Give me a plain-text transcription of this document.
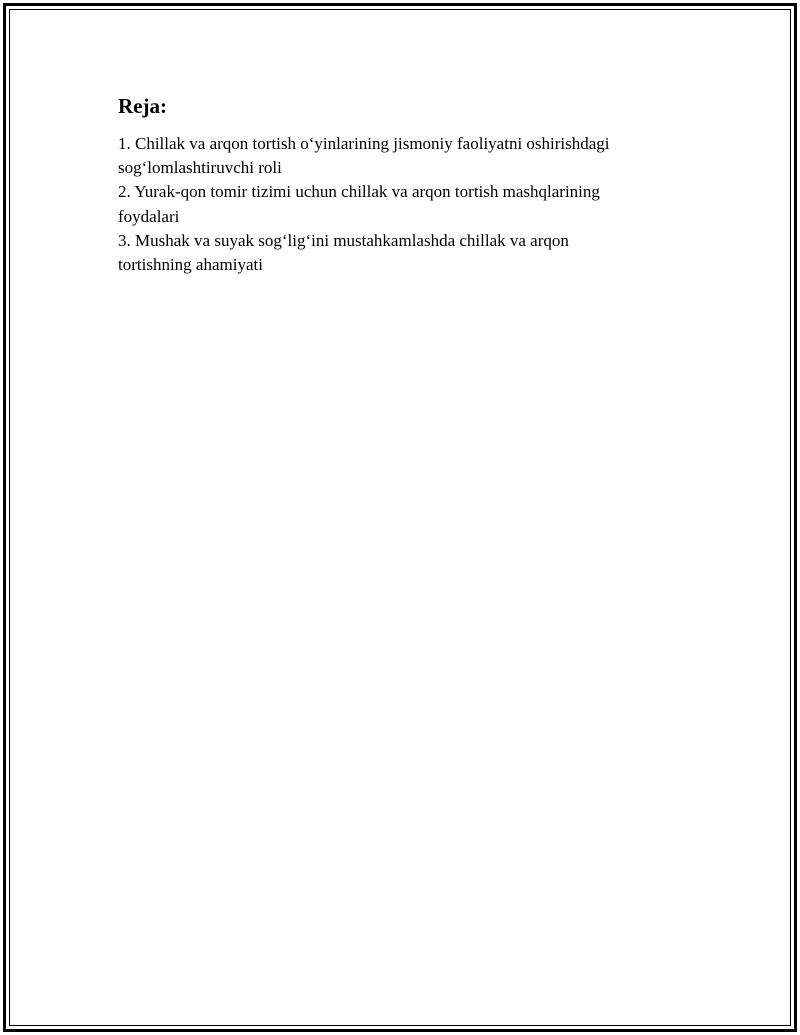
Reja:
1. Chillak va arqon tortish o‘yinlarining jismoniy faoliyatni oshirishdagi
sog‘lomlashtiruvchi roli
2. Yurak-qon tomir tizimi uchun chillak va arqon tortish mashqlarining
foydalari
3. Mushak va suyak sog‘lig‘ini mustahkamlashda chillak va arqon
tortishning ahamiyati
